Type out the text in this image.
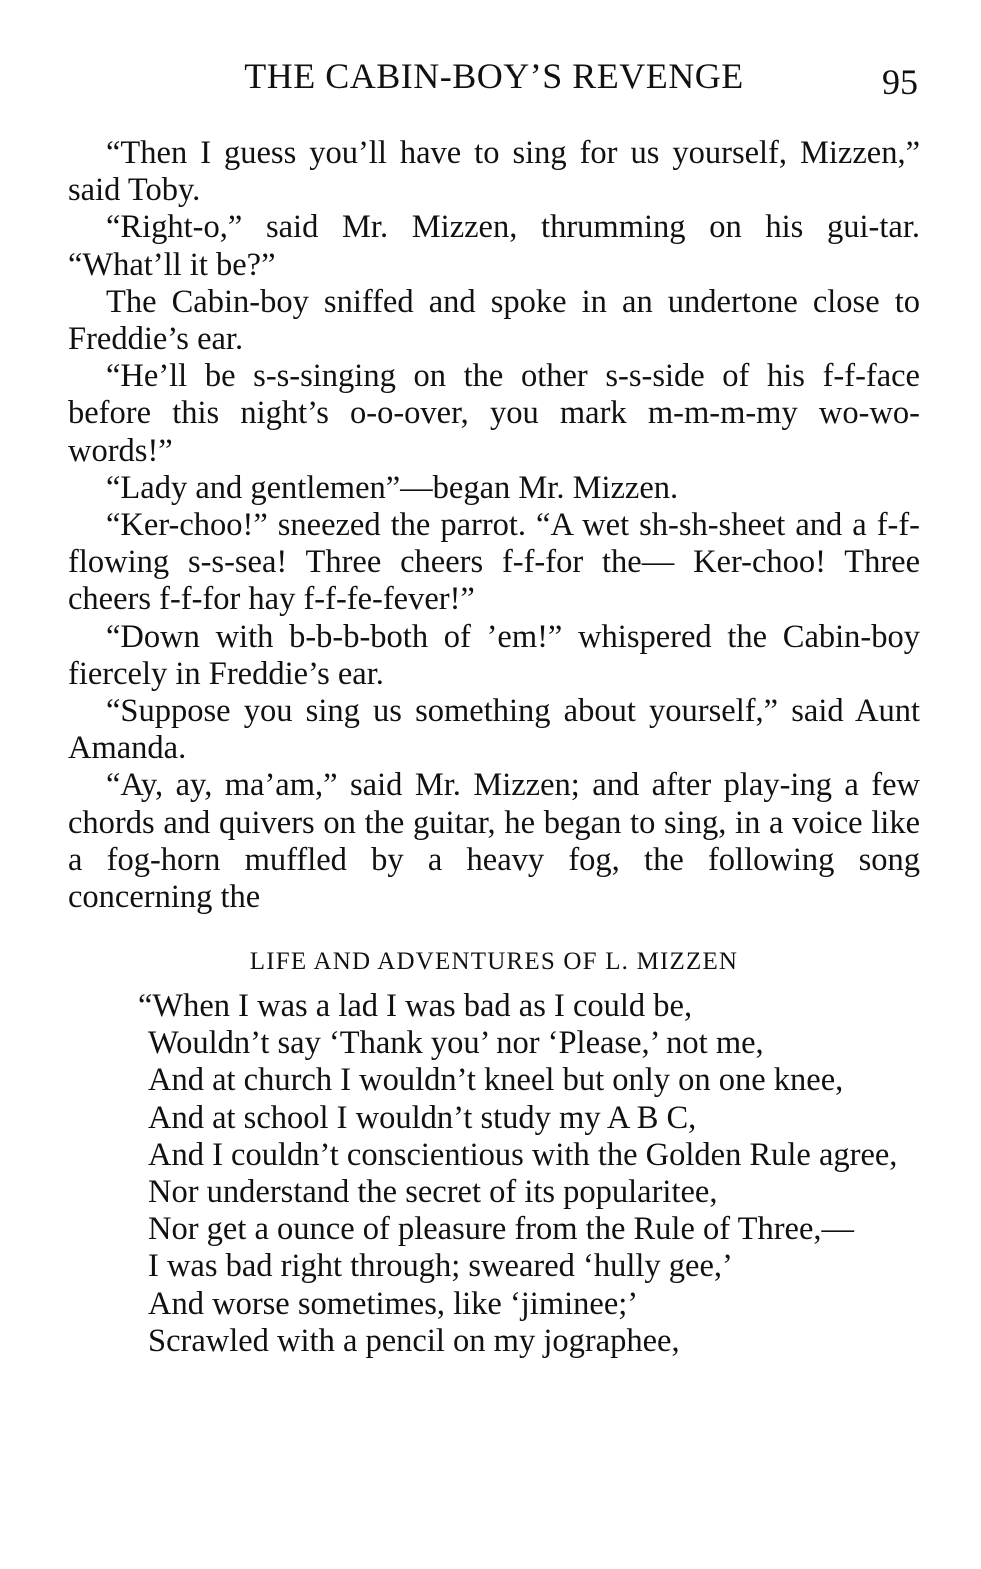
THE CABIN-BOY’S REVENGE	95

“Then I guess you’ll have to sing for us yourself, Mizzen,” said Toby.

“Right-o,” said Mr. Mizzen, thrumming on his gui-tar. “What’ll it be?”

The Cabin-boy sniffed and spoke in an undertone close to Freddie’s ear.

“He’ll be s-s-singing on the other s-s-side of his f-f-face before this night’s o-o-over, you mark m-m-m-my wo-wo-words!”

“Lady and gentlemen”—began Mr. Mizzen.

“Ker-choo!” sneezed the parrot. “A wet sh-sh-sheet and a f-f-flowing s-s-sea! Three cheers f-f-for the— Ker-choo! Three cheers f-f-for hay f-f-fe-fever!”

“Down with b-b-b-both of ’em!” whispered the Cabin-boy fiercely in Freddie’s ear.

“Suppose you sing us something about yourself,” said Aunt Amanda.

“Ay, ay, ma’am,” said Mr. Mizzen; and after play-ing a few chords and quivers on the guitar, he began to sing, in a voice like a fog-horn muffled by a heavy fog, the following song concerning the

LIFE AND ADVENTURES OF L. MIZZEN

“When I was a lad I was bad as I could be,

Wouldn’t say ‘Thank you’ nor ‘Please,’ not me,

And at church I wouldn’t kneel but only on one knee,

And at school I wouldn’t study my A B C,

And I couldn’t conscientious with the Golden Rule agree,

Nor understand the secret of its popularitee,

Nor get a ounce of pleasure from the Rule of Three,—

I was bad right through; sweared ‘hully gee,’

And worse sometimes, like ‘jiminee;’

Scrawled with a pencil on my jographee,
